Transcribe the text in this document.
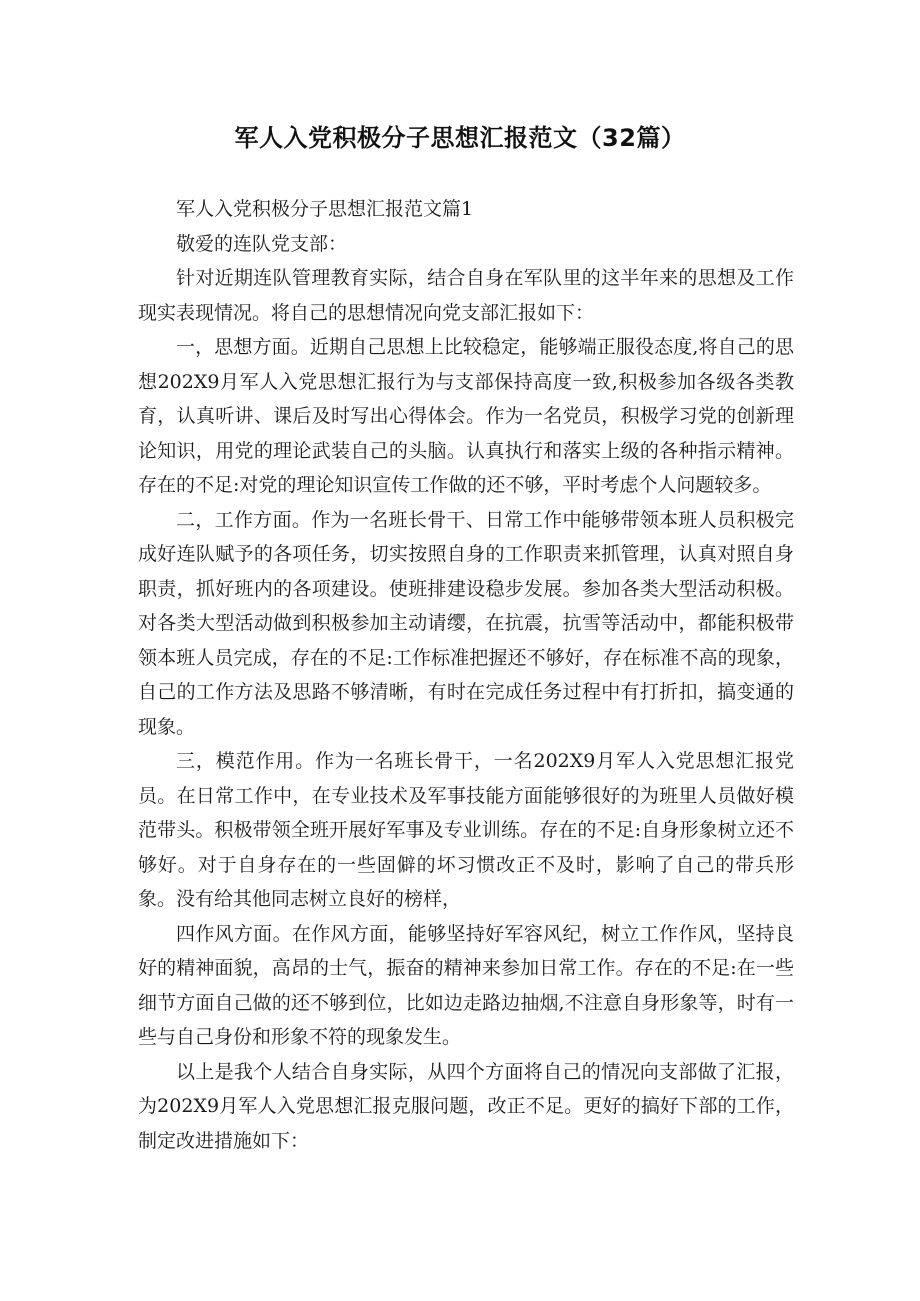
军人入党积极分子思想汇报范文（32篇）

军人入党积极分子思想汇报范文篇1

敬爱的连队党支部：

针对近期连队管理教育实际，结合自身在军队里的这半年来的思想及工作现实表现情况。将自己的思想情况向党支部汇报如下：

一，思想方面。近期自己思想上比较稳定，能够端正服役态度,将自己的思想202X9月军人入党思想汇报行为与支部保持高度一致,积极参加各级各类教育，认真听讲、课后及时写出心得体会。作为一名党员，积极学习党的创新理论知识，用党的理论武装自己的头脑。认真执行和落实上级的各种指示精神。存在的不足:对党的理论知识宣传工作做的还不够，平时考虑个人问题较多。

二，工作方面。作为一名班长骨干、日常工作中能够带领本班人员积极完成好连队赋予的各项任务，切实按照自身的工作职责来抓管理，认真对照自身职责，抓好班内的各项建设。使班排建设稳步发展。参加各类大型活动积极。对各类大型活动做到积极参加主动请缨，在抗震，抗雪等活动中，都能积极带领本班人员完成，存在的不足:工作标准把握还不够好，存在标准不高的现象，自己的工作方法及思路不够清晰，有时在完成任务过程中有打折扣，搞变通的现象。

三，模范作用。作为一名班长骨干，一名202X9月军人入党思想汇报党员。在日常工作中，在专业技术及军事技能方面能够很好的为班里人员做好模范带头。积极带领全班开展好军事及专业训练。存在的不足:自身形象树立还不够好。对于自身存在的一些固僻的坏习惯改正不及时，影响了自己的带兵形象。没有给其他同志树立良好的榜样，

四作风方面。在作风方面，能够坚持好军容风纪，树立工作作风，坚持良好的精神面貌，高昂的士气，振奋的精神来参加日常工作。存在的不足:在一些细节方面自己做的还不够到位，比如边走路边抽烟,不注意自身形象等，时有一些与自己身份和形象不符的现象发生。

以上是我个人结合自身实际，从四个方面将自己的情况向支部做了汇报，为202X9月军人入党思想汇报克服问题，改正不足。更好的搞好下部的工作，制定改进措施如下：
